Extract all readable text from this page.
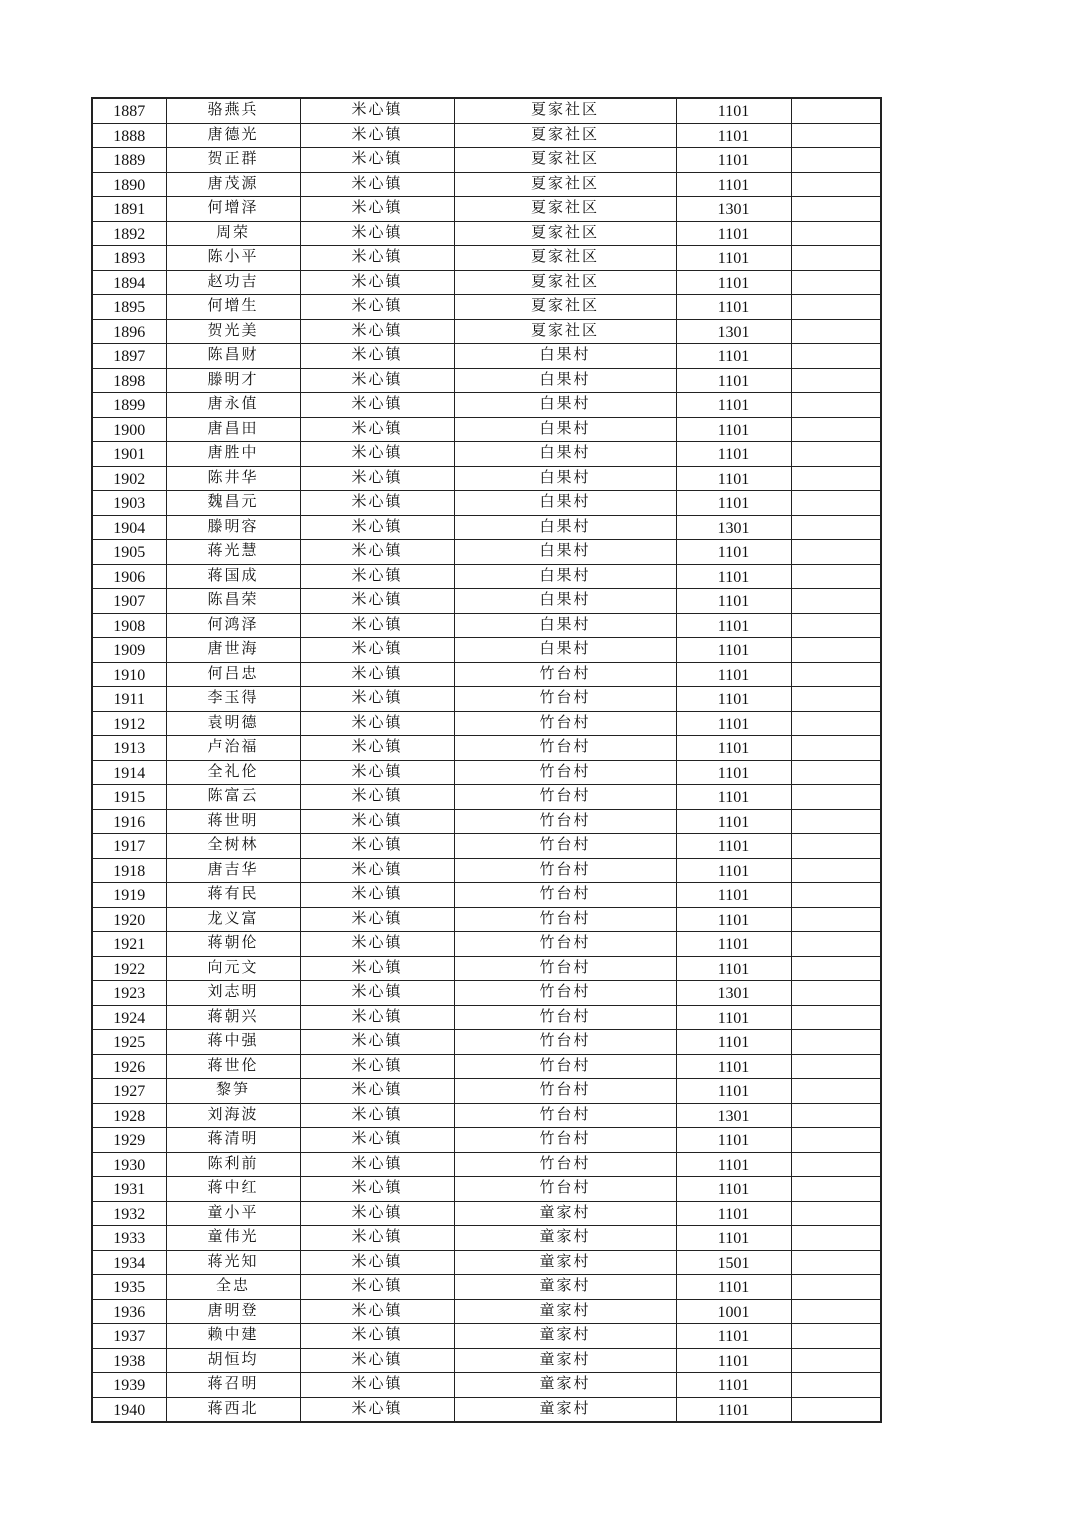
1887	骆燕兵	米心镇	夏家社区	1101	
1888	唐德光	米心镇	夏家社区	1101	
1889	贺正群	米心镇	夏家社区	1101	
1890	唐茂源	米心镇	夏家社区	1101	
1891	何增泽	米心镇	夏家社区	1301	
1892	周荣	米心镇	夏家社区	1101	
1893	陈小平	米心镇	夏家社区	1101	
1894	赵功吉	米心镇	夏家社区	1101	
1895	何增生	米心镇	夏家社区	1101	
1896	贺光美	米心镇	夏家社区	1301	
1897	陈昌财	米心镇	白果村	1101	
1898	滕明才	米心镇	白果村	1101	
1899	唐永值	米心镇	白果村	1101	
1900	唐昌田	米心镇	白果村	1101	
1901	唐胜中	米心镇	白果村	1101	
1902	陈井华	米心镇	白果村	1101	
1903	魏昌元	米心镇	白果村	1101	
1904	滕明容	米心镇	白果村	1301	
1905	蒋光慧	米心镇	白果村	1101	
1906	蒋国成	米心镇	白果村	1101	
1907	陈昌荣	米心镇	白果村	1101	
1908	何鸿泽	米心镇	白果村	1101	
1909	唐世海	米心镇	白果村	1101	
1910	何吕忠	米心镇	竹台村	1101	
1911	李玉得	米心镇	竹台村	1101	
1912	袁明德	米心镇	竹台村	1101	
1913	卢治福	米心镇	竹台村	1101	
1914	全礼伦	米心镇	竹台村	1101	
1915	陈富云	米心镇	竹台村	1101	
1916	蒋世明	米心镇	竹台村	1101	
1917	全树林	米心镇	竹台村	1101	
1918	唐吉华	米心镇	竹台村	1101	
1919	蒋有民	米心镇	竹台村	1101	
1920	龙义富	米心镇	竹台村	1101	
1921	蒋朝伦	米心镇	竹台村	1101	
1922	向元文	米心镇	竹台村	1101	
1923	刘志明	米心镇	竹台村	1301	
1924	蒋朝兴	米心镇	竹台村	1101	
1925	蒋中强	米心镇	竹台村	1101	
1926	蒋世伦	米心镇	竹台村	1101	
1927	黎笋	米心镇	竹台村	1101	
1928	刘海波	米心镇	竹台村	1301	
1929	蒋清明	米心镇	竹台村	1101	
1930	陈利前	米心镇	竹台村	1101	
1931	蒋中红	米心镇	竹台村	1101	
1932	童小平	米心镇	童家村	1101	
1933	童伟光	米心镇	童家村	1101	
1934	蒋光知	米心镇	童家村	1501	
1935	全忠	米心镇	童家村	1101	
1936	唐明登	米心镇	童家村	1001	
1937	赖中建	米心镇	童家村	1101	
1938	胡恒均	米心镇	童家村	1101	
1939	蒋召明	米心镇	童家村	1101	
1940	蒋西北	米心镇	童家村	1101	
